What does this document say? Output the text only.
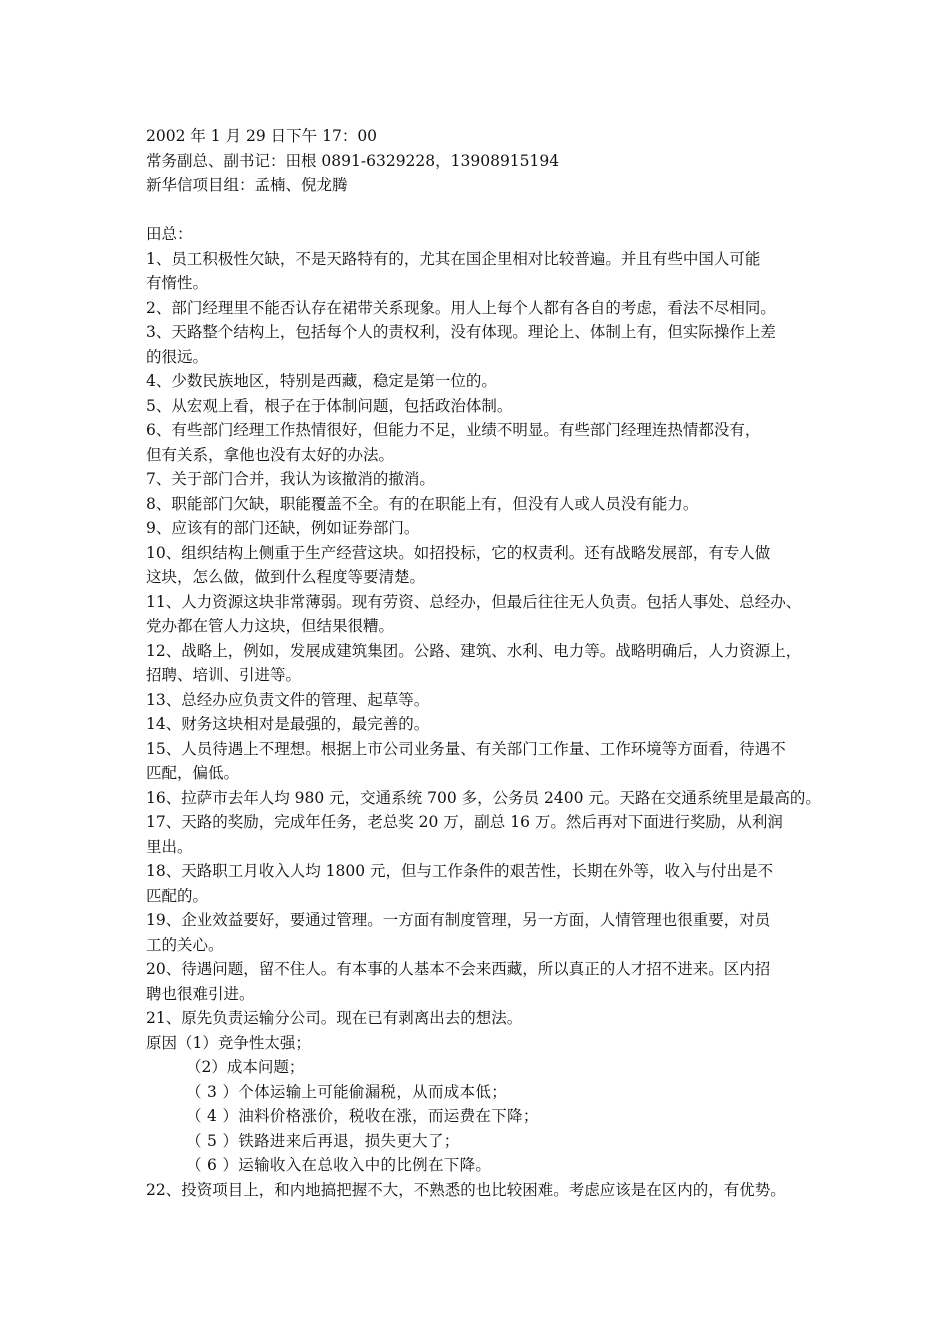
2002 年 1 月 29 日下午 17：00

常务副总、副书记：田根 0891-6329228，13908915194

新华信项目组：孟楠、倪龙腾

田总：

1、员工积极性欠缺，不是天路特有的，尤其在国企里相对比较普遍。并且有些中国人可能

有惰性。

2、部门经理里不能否认存在裙带关系现象。用人上每个人都有各自的考虑，看法不尽相同。

3、天路整个结构上，包括每个人的责权利，没有体现。理论上、体制上有，但实际操作上差

的很远。

4、少数民族地区，特别是西藏，稳定是第一位的。

5、从宏观上看，根子在于体制问题，包括政治体制。

6、有些部门经理工作热情很好，但能力不足，业绩不明显。有些部门经理连热情都没有，

但有关系，拿他也没有太好的办法。

7、关于部门合并，我认为该撤消的撤消。

8、职能部门欠缺，职能覆盖不全。有的在职能上有，但没有人或人员没有能力。

9、应该有的部门还缺，例如证券部门。

10、组织结构上侧重于生产经营这块。如招投标，它的权责利。还有战略发展部，有专人做

这块，怎么做，做到什么程度等要清楚。

11、人力资源这块非常薄弱。现有劳资、总经办，但最后往往无人负责。包括人事处、总经办、

党办都在管人力这块，但结果很糟。

12、战略上，例如，发展成建筑集团。公路、建筑、水利、电力等。战略明确后，人力资源上，

招聘、培训、引进等。

13、总经办应负责文件的管理、起草等。

14、财务这块相对是最强的，最完善的。

15、人员待遇上不理想。根据上市公司业务量、有关部门工作量、工作环境等方面看，待遇不

匹配，偏低。

16、拉萨市去年人均 980 元，交通系统 700 多，公务员 2400 元。天路在交通系统里是最高的。

17、天路的奖励，完成年任务，老总奖 20 万，副总 16 万。然后再对下面进行奖励，从利润

里出。

18、天路职工月收入人均 1800 元，但与工作条件的艰苦性，长期在外等，收入与付出是不

匹配的。

19、企业效益要好，要通过管理。一方面有制度管理，另一方面，人情管理也很重要，对员

工的关心。

20、待遇问题，留不住人。有本事的人基本不会来西藏，所以真正的人才招不进来。区内招

聘也很难引进。

21、原先负责运输分公司。现在已有剥离出去的想法。

原因（1）竞争性太强；

（2）成本问题；

（ 3 ）个体运输上可能偷漏税，从而成本低；

（ 4 ）油料价格涨价，税收在涨，而运费在下降；

（ 5 ）铁路进来后再退，损失更大了；

（ 6 ）运输收入在总收入中的比例在下降。

22、投资项目上，和内地搞把握不大，不熟悉的也比较困难。考虑应该是在区内的，有优势。
